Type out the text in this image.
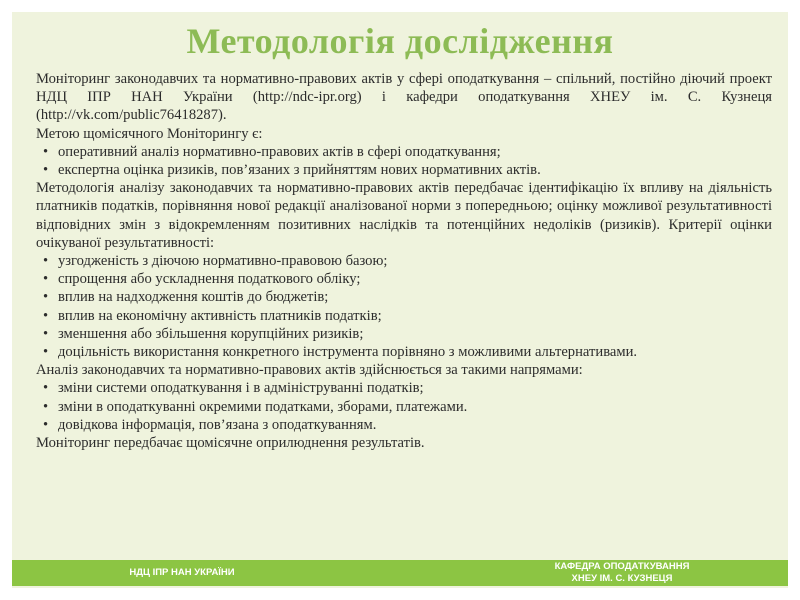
Методологія дослідження

Моніторинг законодавчих та нормативно-правових актів у сфері оподаткування – спільний, постійно діючий проект НДЦ ІПР НАН України (http://ndc-ipr.org) і кафедри оподаткування ХНЕУ ім. С. Кузнеця (http://vk.com/public76418287).

Метою щомісячного Моніторингу є:

• оперативний аналіз нормативно-правових актів в сфері оподаткування;
• експертна оцінка ризиків, пов’язаних з прийняттям нових нормативних актів.

Методологія аналізу законодавчих та нормативно-правових актів передбачає ідентифікацію їх впливу на діяльність платників податків, порівняння нової редакції аналізованої норми з попередньою; оцінку можливої результативності відповідних змін з відокремленням позитивних наслідків та потенційних недоліків (ризиків). Критерії оцінки очікуваної результативності:

• узгодженість з діючою нормативно-правовою базою;
• спрощення або ускладнення податкового обліку;
• вплив на надходження коштів до бюджетів;
• вплив на економічну активність платників податків;
• зменшення або збільшення корупційних ризиків;
• доцільність використання конкретного інструмента порівняно з можливими альтернативами.

Аналіз законодавчих та нормативно-правових актів здійснюється за такими напрямами:

• зміни системи оподаткування і в адмініструванні податків;
• зміни в оподаткуванні окремими податками, зборами, платежами.
• довідкова інформація, пов’язана з оподаткуванням.

Моніторинг передбачає щомісячне оприлюднення результатів.

НДЦ ІПР НАН УКРАЇНИ
КАФЕДРА ОПОДАТКУВАННЯ
ХНЕУ ІМ. С. КУЗНЕЦЯ
